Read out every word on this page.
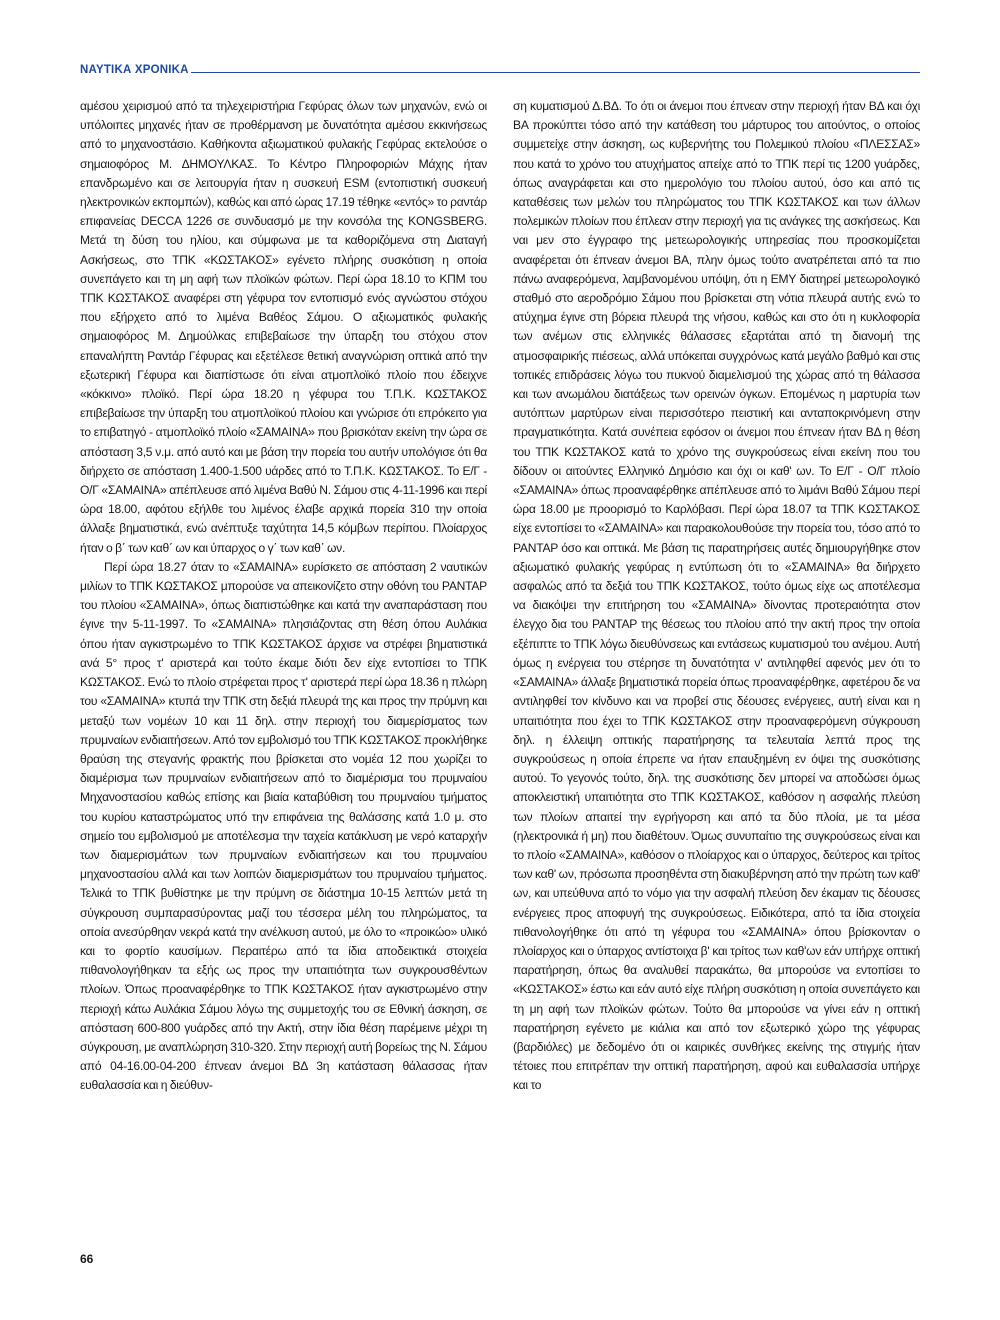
ΝΑΥΤΙΚΑ ΧΡΟΝΙΚΑ

αμέσου χειρισμού από τα τηλεχειριστήρια Γεφύρας όλων των μηχανών, ενώ οι υπόλοιπες μηχανές ήταν σε προθέρμανση με δυνατότητα αμέσου εκκινήσεως από το μηχανοστάσιο. Καθήκοντα αξιωματικού φυλακής Γεφύρας εκτελούσε ο σημαιοφόρος Μ. ΔΗΜΟΥΛΚΑΣ. Το Κέντρο Πληροφοριών Μάχης ήταν επανδρωμένο και σε λειτουργία ήταν η συσκευή ESM (εντοπιστική συσκευή ηλεκτρονικών εκπομπών), καθώς και από ώρας 17.19 τέθηκε «εντός» το ραντάρ επιφανείας DECCA 1226 σε συνδυασμό με την κονσόλα της KONGSBERG. Μετά τη δύση του ηλίου, και σύμφωνα με τα καθοριζόμενα στη Διαταγή Ασκήσεως, στο ΤΠΚ «ΚΩΣΤΑΚΟΣ» εγένετο πλήρης συσκότιση η οποία συνεπάγετο και τη μη αφή των πλοϊκών φώτων. Περί ώρα 18.10 το ΚΠΜ του ΤΠΚ ΚΩΣΤΑΚΟΣ αναφέρει στη γέφυρα τον εντοπισμό ενός αγνώστου στόχου που εξήρχετο από το λιμένα Βαθέος Σάμου. Ο αξιωματικός φυλακής σημαιοφόρος Μ. Δημούλκας επιβεβαίωσε την ύπαρξη του στόχου στον επαναλήπτη Ραντάρ Γέφυρας και εξετέλεσε θετική αναγνώριση οπτικά από την εξωτερική Γέφυρα και διαπίστωσε ότι είναι ατμοπλοϊκό πλοίο που έδειχνε «κόκκινο» πλοϊκό. Περί ώρα 18.20 η γέφυρα του Τ.Π.Κ. ΚΩΣΤΑΚΟΣ επιβεβαίωσε την ύπαρξη του ατμοπλοϊκού πλοίου και γνώρισε ότι επρόκειτο για το επιβατηγό - ατμοπλοϊκό πλοίο «ΣΑΜΑΙΝΑ» που βρισκόταν εκείνη την ώρα σε απόσταση 3,5 ν.μ. από αυτό και με βάση την πορεία του αυτήν υπολόγισε ότι θα διήρχετο σε απόσταση 1.400-1.500 υάρδες από το Τ.Π.Κ. ΚΩΣΤΑΚΟΣ. Το Ε/Γ - Ο/Γ «ΣΑΜΑΙΝΑ» απέπλευσε από λιμένα Βαθύ Ν. Σάμου στις 4-11-1996 και περί ώρα 18.00, αφότου εξήλθε του λιμένος έλαβε αρχικά πορεία 310 την οποία άλλαξε βηματιστικά, ενώ ανέπτυξε ταχύτητα 14,5 κόμβων περίπου. Πλοίαρχος ήταν ο β΄ των καθ΄ ων και ύπαρχος ο γ΄ των καθ΄ ων.

Περί ώρα 18.27 όταν το «ΣΑΜΑΙΝΑ» ευρίσκετο σε απόσταση 2 ναυτικών μιλίων το ΤΠΚ ΚΩΣΤΑΚΟΣ μπορούσε να απεικονίζετο στην οθόνη του ΡΑΝΤΑΡ του πλοίου «ΣΑΜΑΙΝΑ», όπως διαπιστώθηκε και κατά την αναπαράσταση που έγινε την 5-11-1997. Το «ΣΑΜΑΙΝΑ» πλησιάζοντας στη θέση όπου Αυλάκια όπου ήταν αγκιστρωμένο το ΤΠΚ ΚΩΣΤΑΚΟΣ άρχισε να στρέφει βηματιστικά ανά 5° προς τ' αριστερά και τούτο έκαμε διότι δεν είχε εντοπίσει το ΤΠΚ ΚΩΣΤΑΚΟΣ. Ενώ το πλοίο στρέφεται προς τ' αριστερά περί ώρα 18.36 η πλώρη του «ΣΑΜΑΙΝΑ» κτυπά την ΤΠΚ στη δεξιά πλευρά της και προς την πρύμνη και μεταξύ των νομέων 10 και 11 δηλ. στην περιοχή του διαμερίσματος των πρυμναίων ενδιαιτήσεων. Από τον εμβολισμό του ΤΠΚ ΚΩΣΤΑΚΟΣ προκλήθηκε θραύση της στεγανής φρακτής που βρίσκεται στο νομέα 12 που χωρίζει το διαμέρισμα των πρυμναίων ενδιαιτήσεων από το διαμέρισμα του πρυμναίου Μηχανοστασίου καθώς επίσης και βιαία καταβύθιση του πρυμναίου τμήματος του κυρίου καταστρώματος υπό την επιφάνεια της θαλάσσης κατά 1.0 μ. στο σημείο του εμβολισμού με αποτέλεσμα την ταχεία κατάκλυση με νερό καταρχήν των διαμερισμάτων των πρυμναίων ενδιαιτήσεων και του πρυμναίου μηχανοστασίου αλλά και των λοιπών διαμερισμάτων του πρυμναίου τμήματος. Τελικά το ΤΠΚ βυθίστηκε με την πρύμνη σε διάστημα 10-15 λεπτών μετά τη σύγκρουση συμπαρασύροντας μαζί του τέσσερα μέλη του πληρώματος, τα οποία ανεσύρθηαν νεκρά κατά την ανέλκυση αυτού, με όλο το «προικώο» υλικό και το φορτίο καυσίμων. Περαιτέρω από τα ίδια αποδεικτικά στοιχεία πιθανολογήθηκαν τα εξής ως προς την υπαιτιότητα των συγκρουσθέντων πλοίων. Όπως προαναφέρθηκε το ΤΠΚ ΚΩΣΤΑΚΟΣ ήταν αγκιστρωμένο στην περιοχή κάτω Αυλάκια Σάμου λόγω της συμμετοχής του σε Εθνική άσκηση, σε απόσταση 600-800 γυάρδες από την Ακτή, στην ίδια θέση παρέμεινε μέχρι τη σύγκρουση, με αναπλώρηση 310-320. Στην περιοχή αυτή βορείως της Ν. Σάμου από 04-16.00-04-200 έπνεαν άνεμοι ΒΔ 3η κατάσταση θάλασσας ήταν ευθαλασσία και η διεύθυν-

ση κυματισμού Δ.ΒΔ. Το ότι οι άνεμοι που έπνεαν στην περιοχή ήταν ΒΔ και όχι ΒΑ προκύπτει τόσο από την κατάθεση του μάρτυρος του αιτούντος, ο οποίος συμμετείχε στην άσκηση, ως κυβερνήτης του Πολεμικού πλοίου «ΠΛΕΣΣΑΣ» που κατά το χρόνο του ατυχήματος απείχε από το ΤΠΚ περί τις 1200 γυάρδες, όπως αναγράφεται και στο ημερολόγιο του πλοίου αυτού, όσο και από τις καταθέσεις των μελών του πληρώματος του ΤΠΚ ΚΩΣΤΑΚΟΣ και των άλλων πολεμικών πλοίων που έπλεαν στην περιοχή για τις ανάγκες της ασκήσεως. Και ναι μεν στο έγγραφο της μετεωρολογικής υπηρεσίας που προσκομίζεται αναφέρεται ότι έπνεαν άνεμοι ΒΑ, πλην όμως τούτο ανατρέπεται από τα πιο πάνω αναφερόμενα, λαμβανομένου υπόψη, ότι η ΕΜΥ διατηρεί μετεωρολογικό σταθμό στο αεροδρόμιο Σάμου που βρίσκεται στη νότια πλευρά αυτής ενώ το ατύχημα έγινε στη βόρεια πλευρά της νήσου, καθώς και στο ότι η κυκλοφορία των ανέμων στις ελληνικές θάλασσες εξαρτάται από τη διανομή της ατμοσφαιρικής πιέσεως, αλλά υπόκειται συγχρόνως κατά μεγάλο βαθμό και στις τοπικές επιδράσεις λόγω του πυκνού διαμελισμού της χώρας από τη θάλασσα και των ανωμάλου διατάξεως των ορεινών όγκων. Επομένως η μαρτυρία των αυτόπτων μαρτύρων είναι περισσότερο πειστική και ανταποκρινόμενη στην πραγματικότητα. Κατά συνέπεια εφόσον οι άνεμοι που έπνεαν ήταν ΒΔ η θέση του ΤΠΚ ΚΩΣΤΑΚΟΣ κατά το χρόνο της συγκρούσεως είναι εκείνη που του δίδουν οι αιτούντες Ελληνικό Δημόσιο και όχι οι καθ' ων. Το Ε/Γ - Ο/Γ πλοίο «ΣΑΜΑΙΝΑ» όπως προαναφέρθηκε απέπλευσε από το λιμάνι Βαθύ Σάμου περί ώρα 18.00 με προορισμό το Καρλόβασι. Περί ώρα 18.07 τα ΤΠΚ ΚΩΣΤΑΚΟΣ είχε εντοπίσει το «ΣΑΜΑΙΝΑ» και παρακολουθούσε την πορεία του, τόσο από το ΡΑΝΤΑΡ όσο και οπτικά. Με βάση τις παρατηρήσεις αυτές δημιουργήθηκε στον αξιωματικό φυλακής γεφύρας η εντύπωση ότι το «ΣΑΜΑΙΝΑ» θα διήρχετο ασφαλώς από τα δεξιά του ΤΠΚ ΚΩΣΤΑΚΟΣ, τούτο όμως είχε ως αποτέλεσμα να διακόψει την επιτήρηση του «ΣΑΜΑΙΝΑ» δίνοντας προτεραιότητα στον έλεγχο δια του ΡΑΝΤΑΡ της θέσεως του πλοίου από την ακτή προς την οποία εξέπιπτε το ΤΠΚ λόγω διευθύνσεως και εντάσεως κυματισμού του ανέμου. Αυτή όμως η ενέργεια του στέρησε τη δυνατότητα ν' αντιληφθεί αφενός μεν ότι το «ΣΑΜΑΙΝΑ» άλλαξε βηματιστικά πορεία όπως προαναφέρθηκε, αφετέρου δε να αντιληφθεί τον κίνδυνο και να προβεί στις δέουσες ενέργειες, αυτή είναι και η υπαιτιότητα που έχει το ΤΠΚ ΚΩΣΤΑΚΟΣ στην προαναφερόμενη σύγκρουση δηλ. η έλλειψη οπτικής παρατήρησης τα τελευταία λεπτά προς της συγκρούσεως η οποία έπρεπε να ήταν επαυξημένη εν όψει της συσκότισης αυτού. Το γεγονός τούτο, δηλ. της συσκότισης δεν μπορεί να αποδώσει όμως αποκλειστική υπαιτιότητα στο ΤΠΚ ΚΩΣΤΑΚΟΣ, καθόσον η ασφαλής πλεύση των πλοίων απαιτεί την εγρήγορση και από τα δύο πλοία, με τα μέσα (ηλεκτρονικά ή μη) που διαθέτουν. Όμως συνυπαίτιο της συγκρούσεως είναι και το πλοίο «ΣΑΜΑΙΝΑ», καθόσον ο πλοίαρχος και ο ύπαρχος, δεύτερος και τρίτος των καθ' ων, πρόσωπα προσηθέντα στη διακυβέρνηση από την πρώτη των καθ' ων, και υπεύθυνα από το νόμο για την ασφαλή πλεύση δεν έκαμαν τις δέουσες ενέργειες προς αποφυγή της συγκρούσεως. Ειδικότερα, από τα ίδια στοιχεία πιθανολογήθηκε ότι από τη γέφυρα του «ΣΑΜΑΙΝΑ» όπου βρίσκονταν ο πλοίαρχος και ο ύπαρχος αντίστοιχα β' και τρίτος των καθ'ων εάν υπήρχε οπτική παρατήρηση, όπως θα αναλυθεί παρακάτω, θα μπορούσε να εντοπίσει το «ΚΩΣΤΑΚΟΣ» έστω και εάν αυτό είχε πλήρη συσκότιση η οποία συνεπάγετο και τη μη αφή των πλοϊκών φώτων. Τούτο θα μπορούσε να γίνει εάν η οπτική παρατήρηση εγένετο με κιάλια και από τον εξωτερικό χώρο της γέφυρας (βαρδιόλες) με δεδομένο ότι οι καιρικές συνθήκες εκείνης της στιγμής ήταν τέτοιες που επιτρέπαν την οπτική παρατήρηση, αφού και ευθαλασσία υπήρχε και το

66
